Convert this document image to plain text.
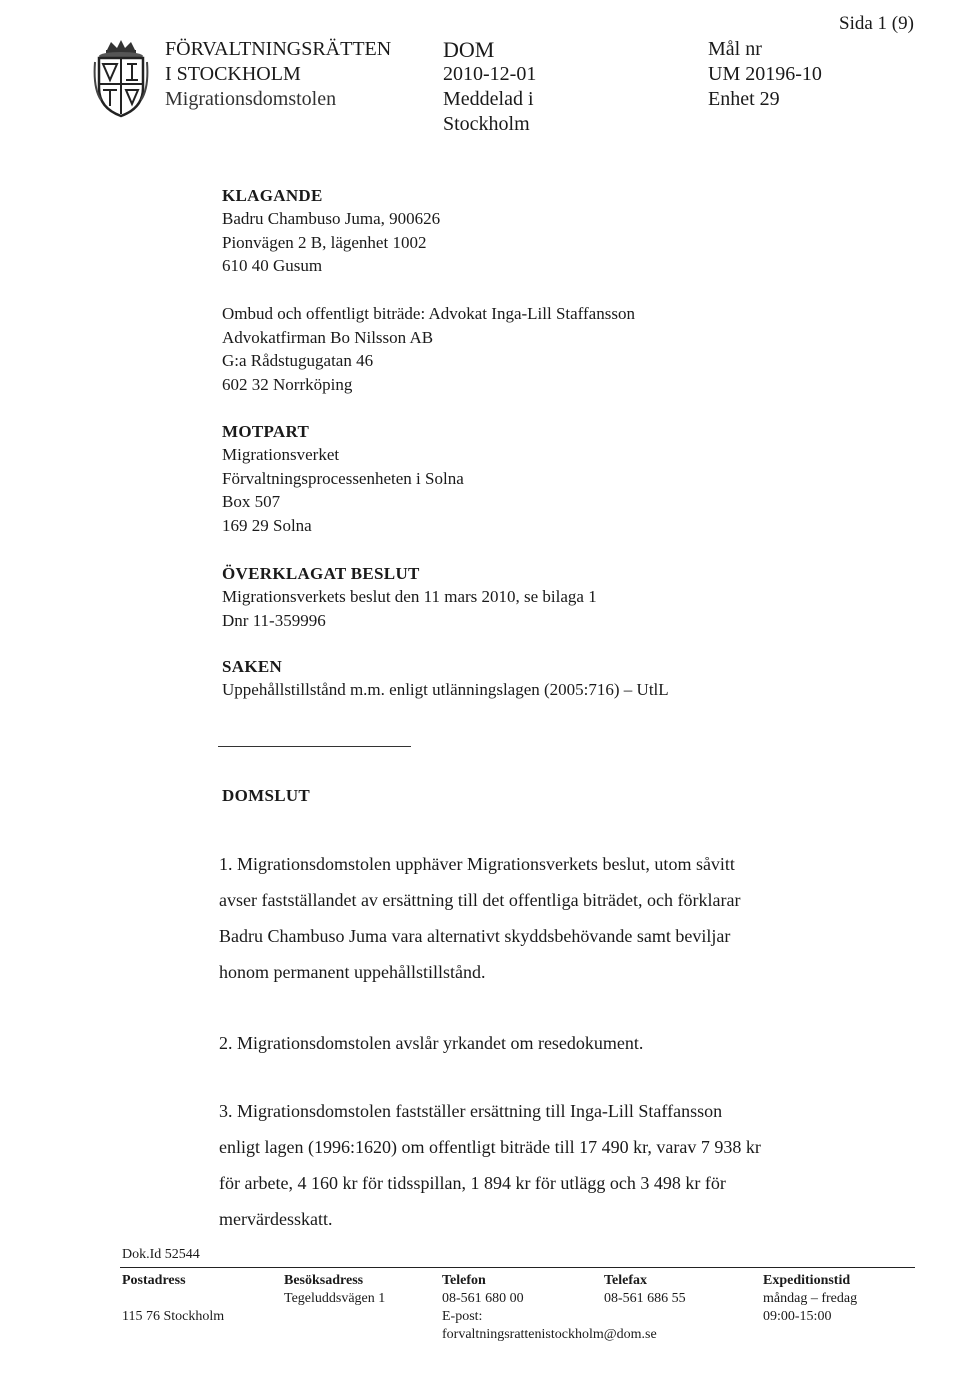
FÖRVALTNINGSRÄTTEN
I STOCKHOLM
Migrationsdomstolen
DOM
2010-12-01
Meddelad i
Stockholm
Mål nr
UM 20196-10
Enhet 29
Sida 1 (9)
KLAGANDE
Badru Chambuso Juma, 900626
Pionvägen 2 B, lägenhet 1002
610 40 Gusum
Ombud och offentligt biträde: Advokat Inga-Lill Staffansson
Advokatfirman Bo Nilsson AB
G:a Rådstugugatan 46
602 32 Norrköping
MOTPART
Migrationsverket
Förvaltningsprocessenheten i Solna
Box 507
169 29 Solna
ÖVERKLAGAT BESLUT
Migrationsverkets beslut den 11 mars 2010, se bilaga 1
Dnr 11-359996
SAKEN
Uppehållstillstånd m.m. enligt utlänningslagen (2005:716) – UtlL
DOMSLUT
1. Migrationsdomstolen upphäver Migrationsverkets beslut, utom såvitt
avser fastställandet av ersättning till det offentliga biträdet, och förklarar
Badru Chambuso Juma vara alternativt skyddsbehövande samt beviljar
honom permanent uppehållstillstånd.
2. Migrationsdomstolen avslår yrkandet om resedokument.
3. Migrationsdomstolen fastställer ersättning till Inga-Lill Staffansson
enligt lagen (1996:1620) om offentligt biträde till 17 490 kr, varav 7 938 kr
för arbete, 4 160 kr för tidsspillan, 1 894 kr för utlägg och 3 498 kr för
mervärdesskatt.
Dok.Id 52544
Postadress

115 76 Stockholm
Besöksadress
Tegeluddsvägen 1
Telefon
08-561 680 00
E-post:
forvaltningsrattenistockholm@dom.se
Telefax
08-561 686 55
Expeditionstid
måndag – fredag
09:00-15:00
